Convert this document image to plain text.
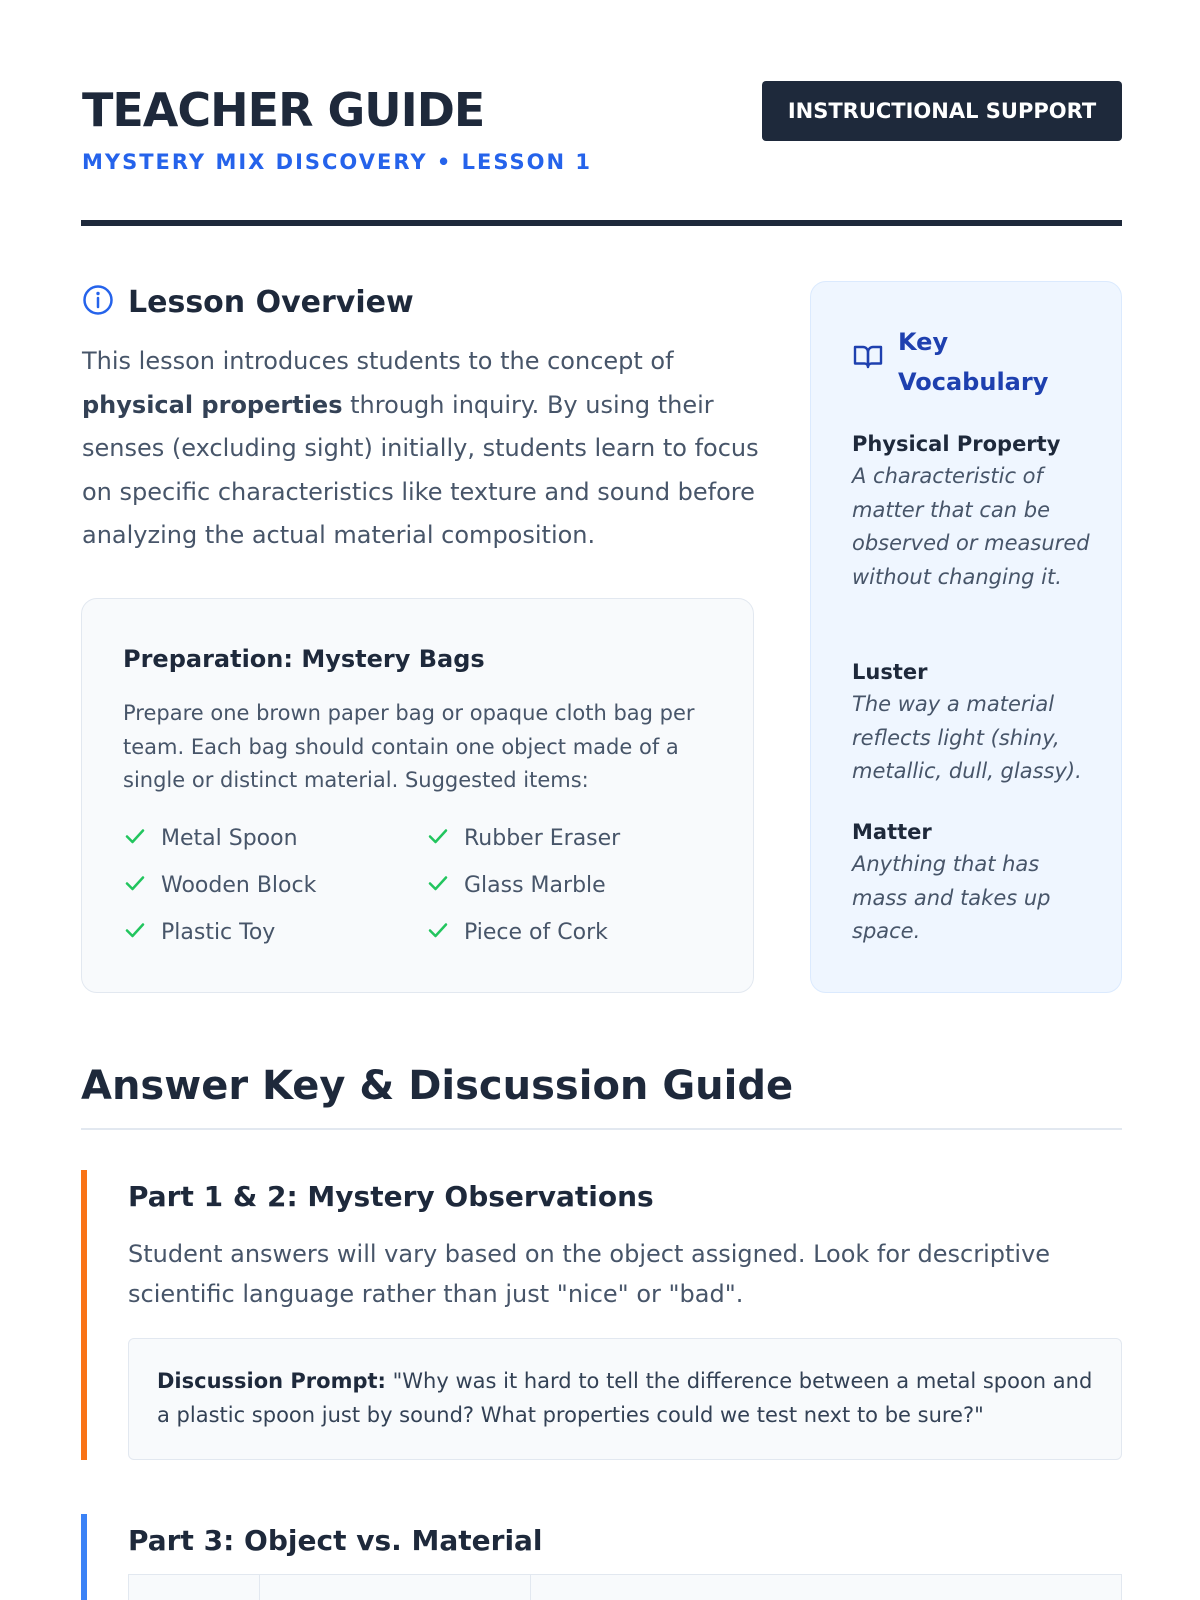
TEACHER GUIDE
MYSTERY MIX DISCOVERY • LESSON 1
INSTRUCTIONAL SUPPORT
Lesson Overview

This lesson introduces students to the concept of physical properties through inquiry. By using their senses (excluding sight) initially, students learn to focus on specific characteristics like texture and sound before analyzing the actual material composition.

Preparation: Mystery Bags

Prepare one brown paper bag or opaque cloth bag per team. Each bag should contain one object made of a single or distinct material. Suggested items:

Metal Spoon	Rubber Eraser
Wooden Block	Glass Marble
Plastic Toy	Piece of Cork
Key Vocabulary
Physical Property
A characteristic of matter that can be observed or measured without changing it.
Luster
The way a material reflects light (shiny, metallic, dull, glassy).
Matter
Anything that has mass and takes up space.
Answer Key & Discussion Guide
Part 1 & 2: Mystery Observations

Student answers will vary based on the object assigned. Look for descriptive scientific language rather than just "nice" or "bad".

Discussion Prompt: "Why was it hard to tell the difference between a metal spoon and a plastic spoon just by sound? What properties could we test next to be sure?"
Part 3: Object vs. Material
